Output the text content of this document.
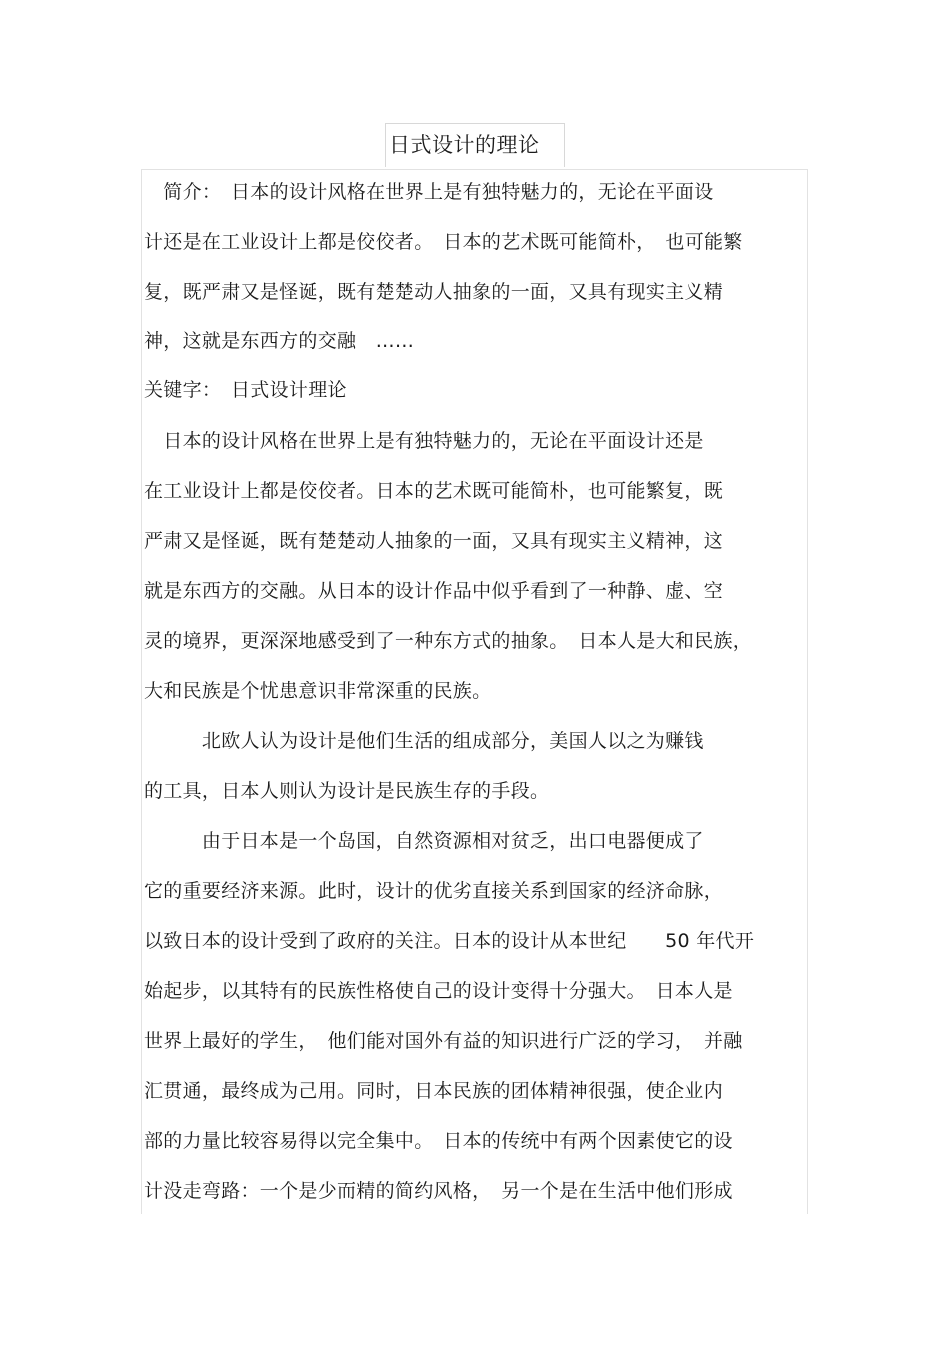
日式设计的理论
　简介：　日本的设计风格在世界上是有独特魅力的，无论在平面设
计还是在工业设计上都是佼佼者。　日本的艺术既可能简朴，　也可能繁
复，既严肃又是怪诞，既有楚楚动人抽象的一面，又具有现实主义精
神，这就是东西方的交融　……
关键字：　日式设计理论
　日本的设计风格在世界上是有独特魅力的，无论在平面设计还是
在工业设计上都是佼佼者。日本的艺术既可能简朴，也可能繁复，既
严肃又是怪诞，既有楚楚动人抽象的一面，又具有现实主义精神，这
就是东西方的交融。从日本的设计作品中似乎看到了一种静、虚、空
灵的境界，更深深地感受到了一种东方式的抽象。　日本人是大和民族，
大和民族是个忧患意识非常深重的民族。
　　　北欧人认为设计是他们生活的组成部分，美国人以之为赚钱
的工具，日本人则认为设计是民族生存的手段。
　　　由于日本是一个岛国，自然资源相对贫乏，出口电器便成了
它的重要经济来源。此时，设计的优劣直接关系到国家的经济命脉，
以致日本的设计受到了政府的关注。日本的设计从本世纪　　50 年代开
始起步，以其特有的民族性格使自己的设计变得十分强大。　日本人是
世界上最好的学生，　他们能对国外有益的知识进行广泛的学习，　并融
汇贯通，最终成为己用。同时，日本民族的团体精神很强，使企业内
部的力量比较容易得以完全集中。　日本的传统中有两个因素使它的设
计没走弯路：一个是少而精的简约风格，　另一个是在生活中他们形成
